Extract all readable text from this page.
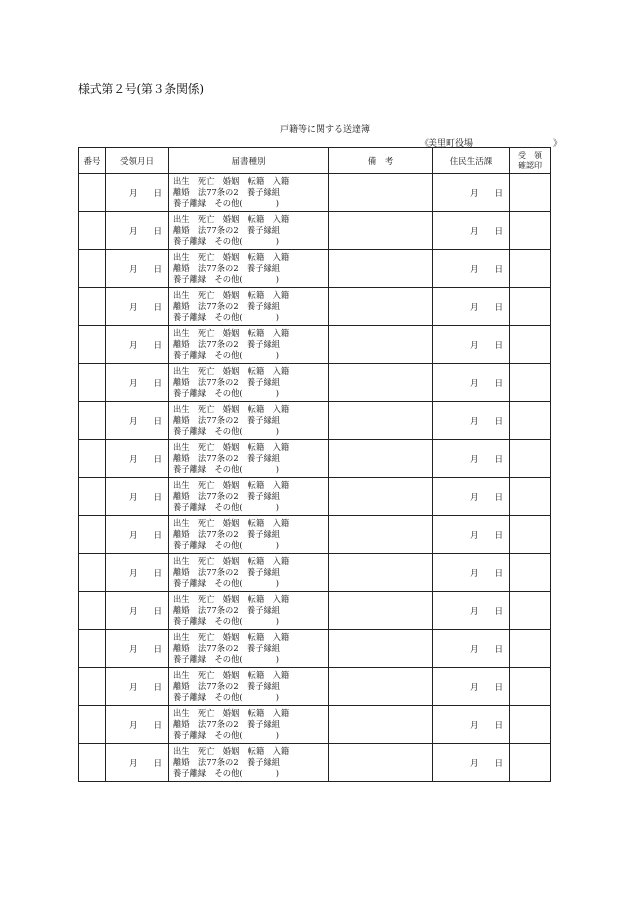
様式第２号(第３条関係)
戸籍等に関する送達簿
《
美里町役場	》
番号	受領月日	届書種別	備　考	住民生活課	受　領
確認印

	月 日	出生　死亡　婚姻　転籍　入籍
離婚　法77条の2　養子縁組
養子離縁　その他(　　　　)		月 日	
	月 日	出生　死亡　婚姻　転籍　入籍
離婚　法77条の2　養子縁組
養子離縁　その他(　　　　)		月 日	
	月 日	出生　死亡　婚姻　転籍　入籍
離婚　法77条の2　養子縁組
養子離縁　その他(　　　　)		月 日	
	月 日	出生　死亡　婚姻　転籍　入籍
離婚　法77条の2　養子縁組
養子離縁　その他(　　　　)		月 日	
	月 日	出生　死亡　婚姻　転籍　入籍
離婚　法77条の2　養子縁組
養子離縁　その他(　　　　)		月 日	
	月 日	出生　死亡　婚姻　転籍　入籍
離婚　法77条の2　養子縁組
養子離縁　その他(　　　　)		月 日	
	月 日	出生　死亡　婚姻　転籍　入籍
離婚　法77条の2　養子縁組
養子離縁　その他(　　　　)		月 日	
	月 日	出生　死亡　婚姻　転籍　入籍
離婚　法77条の2　養子縁組
養子離縁　その他(　　　　)		月 日	
	月 日	出生　死亡　婚姻　転籍　入籍
離婚　法77条の2　養子縁組
養子離縁　その他(　　　　)		月 日	
	月 日	出生　死亡　婚姻　転籍　入籍
離婚　法77条の2　養子縁組
養子離縁　その他(　　　　)		月 日	
	月 日	出生　死亡　婚姻　転籍　入籍
離婚　法77条の2　養子縁組
養子離縁　その他(　　　　)		月 日	
	月 日	出生　死亡　婚姻　転籍　入籍
離婚　法77条の2　養子縁組
養子離縁　その他(　　　　)		月 日	
	月 日	出生　死亡　婚姻　転籍　入籍
離婚　法77条の2　養子縁組
養子離縁　その他(　　　　)		月 日	
	月 日	出生　死亡　婚姻　転籍　入籍
離婚　法77条の2　養子縁組
養子離縁　その他(　　　　)		月 日	
	月 日	出生　死亡　婚姻　転籍　入籍
離婚　法77条の2　養子縁組
養子離縁　その他(　　　　)		月 日	
	月 日	出生　死亡　婚姻　転籍　入籍
離婚　法77条の2　養子縁組
養子離縁　その他(　　　　)		月 日	
